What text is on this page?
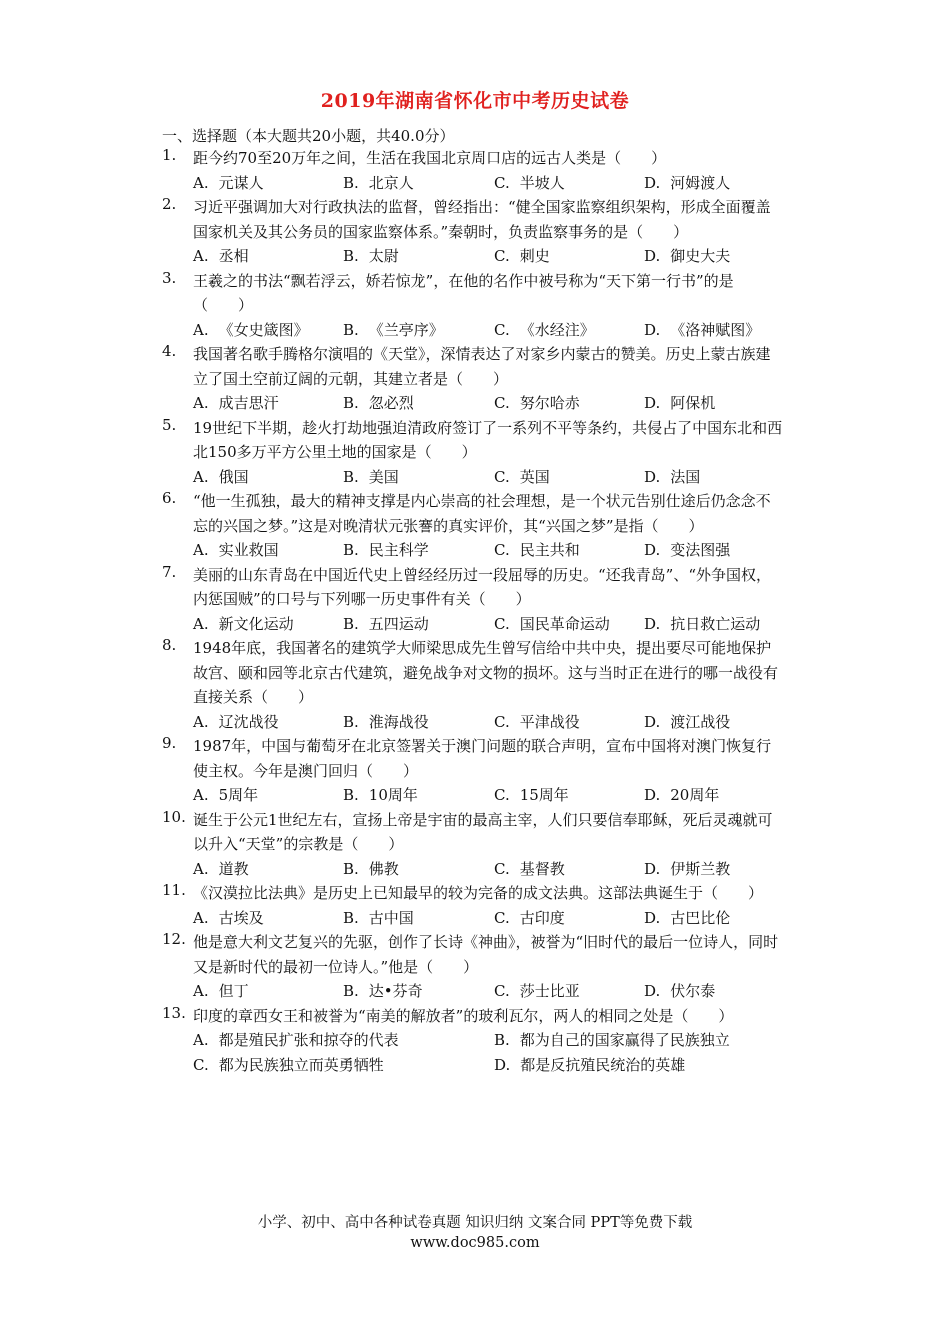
2019年湖南省怀化市中考历史试卷
一、选择题（本大题共20小题，共40.0分）
1. 距今约70至20万年之间，生活在我国北京周口店的远古人类是（　　）
A. 元谋人	B. 北京人	C. 半坡人	D. 河姆渡人
2. 习近平强调加大对行政执法的监督，曾经指出：“健全国家监察组织架构，形成全面覆盖国家机关及其公务员的国家监察体系。”秦朝时，负责监察事务的是（　　）
A. 丞相	B. 太尉	C. 刺史	D. 御史大夫
3. 王羲之的书法“飘若浮云，娇若惊龙”，在他的名作中被号称为“天下第一行书”的是（　　）
A. 《女史箴图》 B. 《兰亭序》	C. 《水经注》	D. 《洛神赋图》
4. 我国著名歌手腾格尔演唱的《天堂》，深情表达了对家乡内蒙古的赞美。历史上蒙古族建立了国土空前辽阔的元朝，其建立者是（　　）
A. 成吉思汗	B. 忽必烈	C. 努尔哈赤	D. 阿保机
5. 19世纪下半期，趁火打劫地强迫清政府签订了一系列不平等条约，共侵占了中国东北和西北150多万平方公里土地的国家是（　　）
A. 俄国	B. 美国	C. 英国	D. 法国
6. “他一生孤独，最大的精神支撑是内心崇高的社会理想，是一个状元告别仕途后仍念念不忘的兴国之梦。”这是对晚清状元张謇的真实评价，其“兴国之梦”是指（　　）
A. 实业救国	B. 民主科学	C. 民主共和	D. 变法图强
7. 美丽的山东青岛在中国近代史上曾经经历过一段屈辱的历史。“还我青岛”、“外争国权，内惩国贼”的口号与下列哪一历史事件有关（　　）
A. 新文化运动	B. 五四运动	C. 国民革命运动 D. 抗日救亡运动
8. 1948年底，我国著名的建筑学大师梁思成先生曾写信给中共中央，提出要尽可能地保护故宫、颐和园等北京古代建筑，避免战争对文物的损坏。这与当时正在进行的哪一战役有直接关系（　　）
A. 辽沈战役	B. 淮海战役	C. 平津战役	D. 渡江战役
9. 1987年，中国与葡萄牙在北京签署关于澳门问题的联合声明，宣布中国将对澳门恢复行使主权。今年是澳门回归（　　）
A. 5周年	B. 10周年	C. 15周年	D. 20周年
10. 诞生于公元1世纪左右，宣扬上帝是宇宙的最高主宰，人们只要信奉耶稣，死后灵魂就可以升入“天堂”的宗教是（　　）
A. 道教	B. 佛教	C. 基督教	D. 伊斯兰教
11. 《汉漠拉比法典》是历史上已知最早的较为完备的成文法典。这部法典诞生于（　　）
A. 古埃及	B. 古中国	C. 古印度	D. 古巴比伦
12. 他是意大利文艺复兴的先驱，创作了长诗《神曲》，被誉为“旧时代的最后一位诗人，同时又是新时代的最初一位诗人。”他是（　　）
A. 但丁	B. 达•芬奇	C. 莎士比亚	D. 伏尔泰
13. 印度的章西女王和被誉为“南美的解放者”的玻利瓦尔，两人的相同之处是（　　）
A. 都是殖民扩张和掠夺的代表	B. 都为自己的国家赢得了民族独立
C. 都为民族独立而英勇牺牲	D. 都是反抗殖民统治的英雄
小学、初中、高中各种试卷真题 知识归纳 文案合同 PPT等免费下载
www.doc985.com
